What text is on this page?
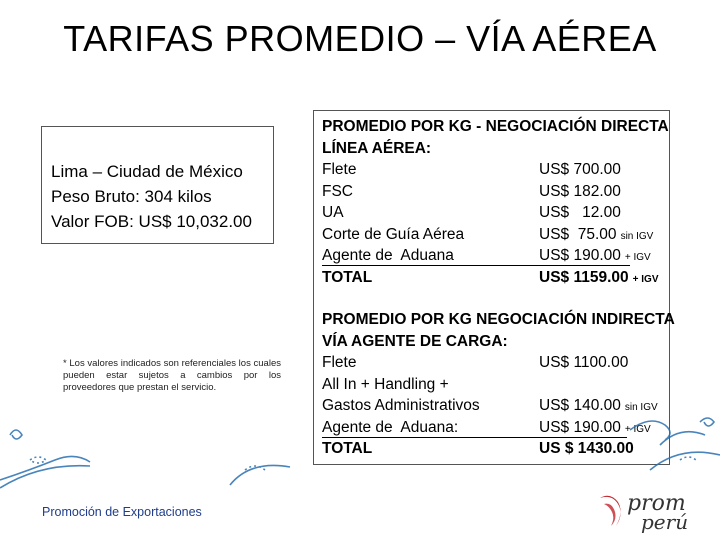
TARIFAS PROMEDIO – VÍA AÉREA
Lima – Ciudad de México
Peso Bruto: 304 kilos
Valor FOB: US$ 10,032.00
* Los valores indicados son referenciales los cuales pueden estar sujetos a cambios por los proveedores que prestan el servicio.
PROMEDIO POR KG - NEGOCIACIÓN DIRECTA
LÍNEA AÉREA:
Flete	US$ 700.00
FSC	US$ 182.00
UA	US$   12.00
Corte de Guía Aérea	US$  75.00 sin IGV
Agente de  Aduana	US$ 190.00 + IGV
TOTAL	US$ 1159.00 + IGV
PROMEDIO POR KG NEGOCIACIÓN INDIRECTA
VÍA AGENTE DE CARGA:
Flete	US$ 1100.00
All In + Handling +
Gastos Administrativos	US$ 140.00 sin IGV
Agente de  Aduana:	US$ 190.00 + IGV
TOTAL	US $ 1430.00
Promoción de Exportaciones	prom
perú
